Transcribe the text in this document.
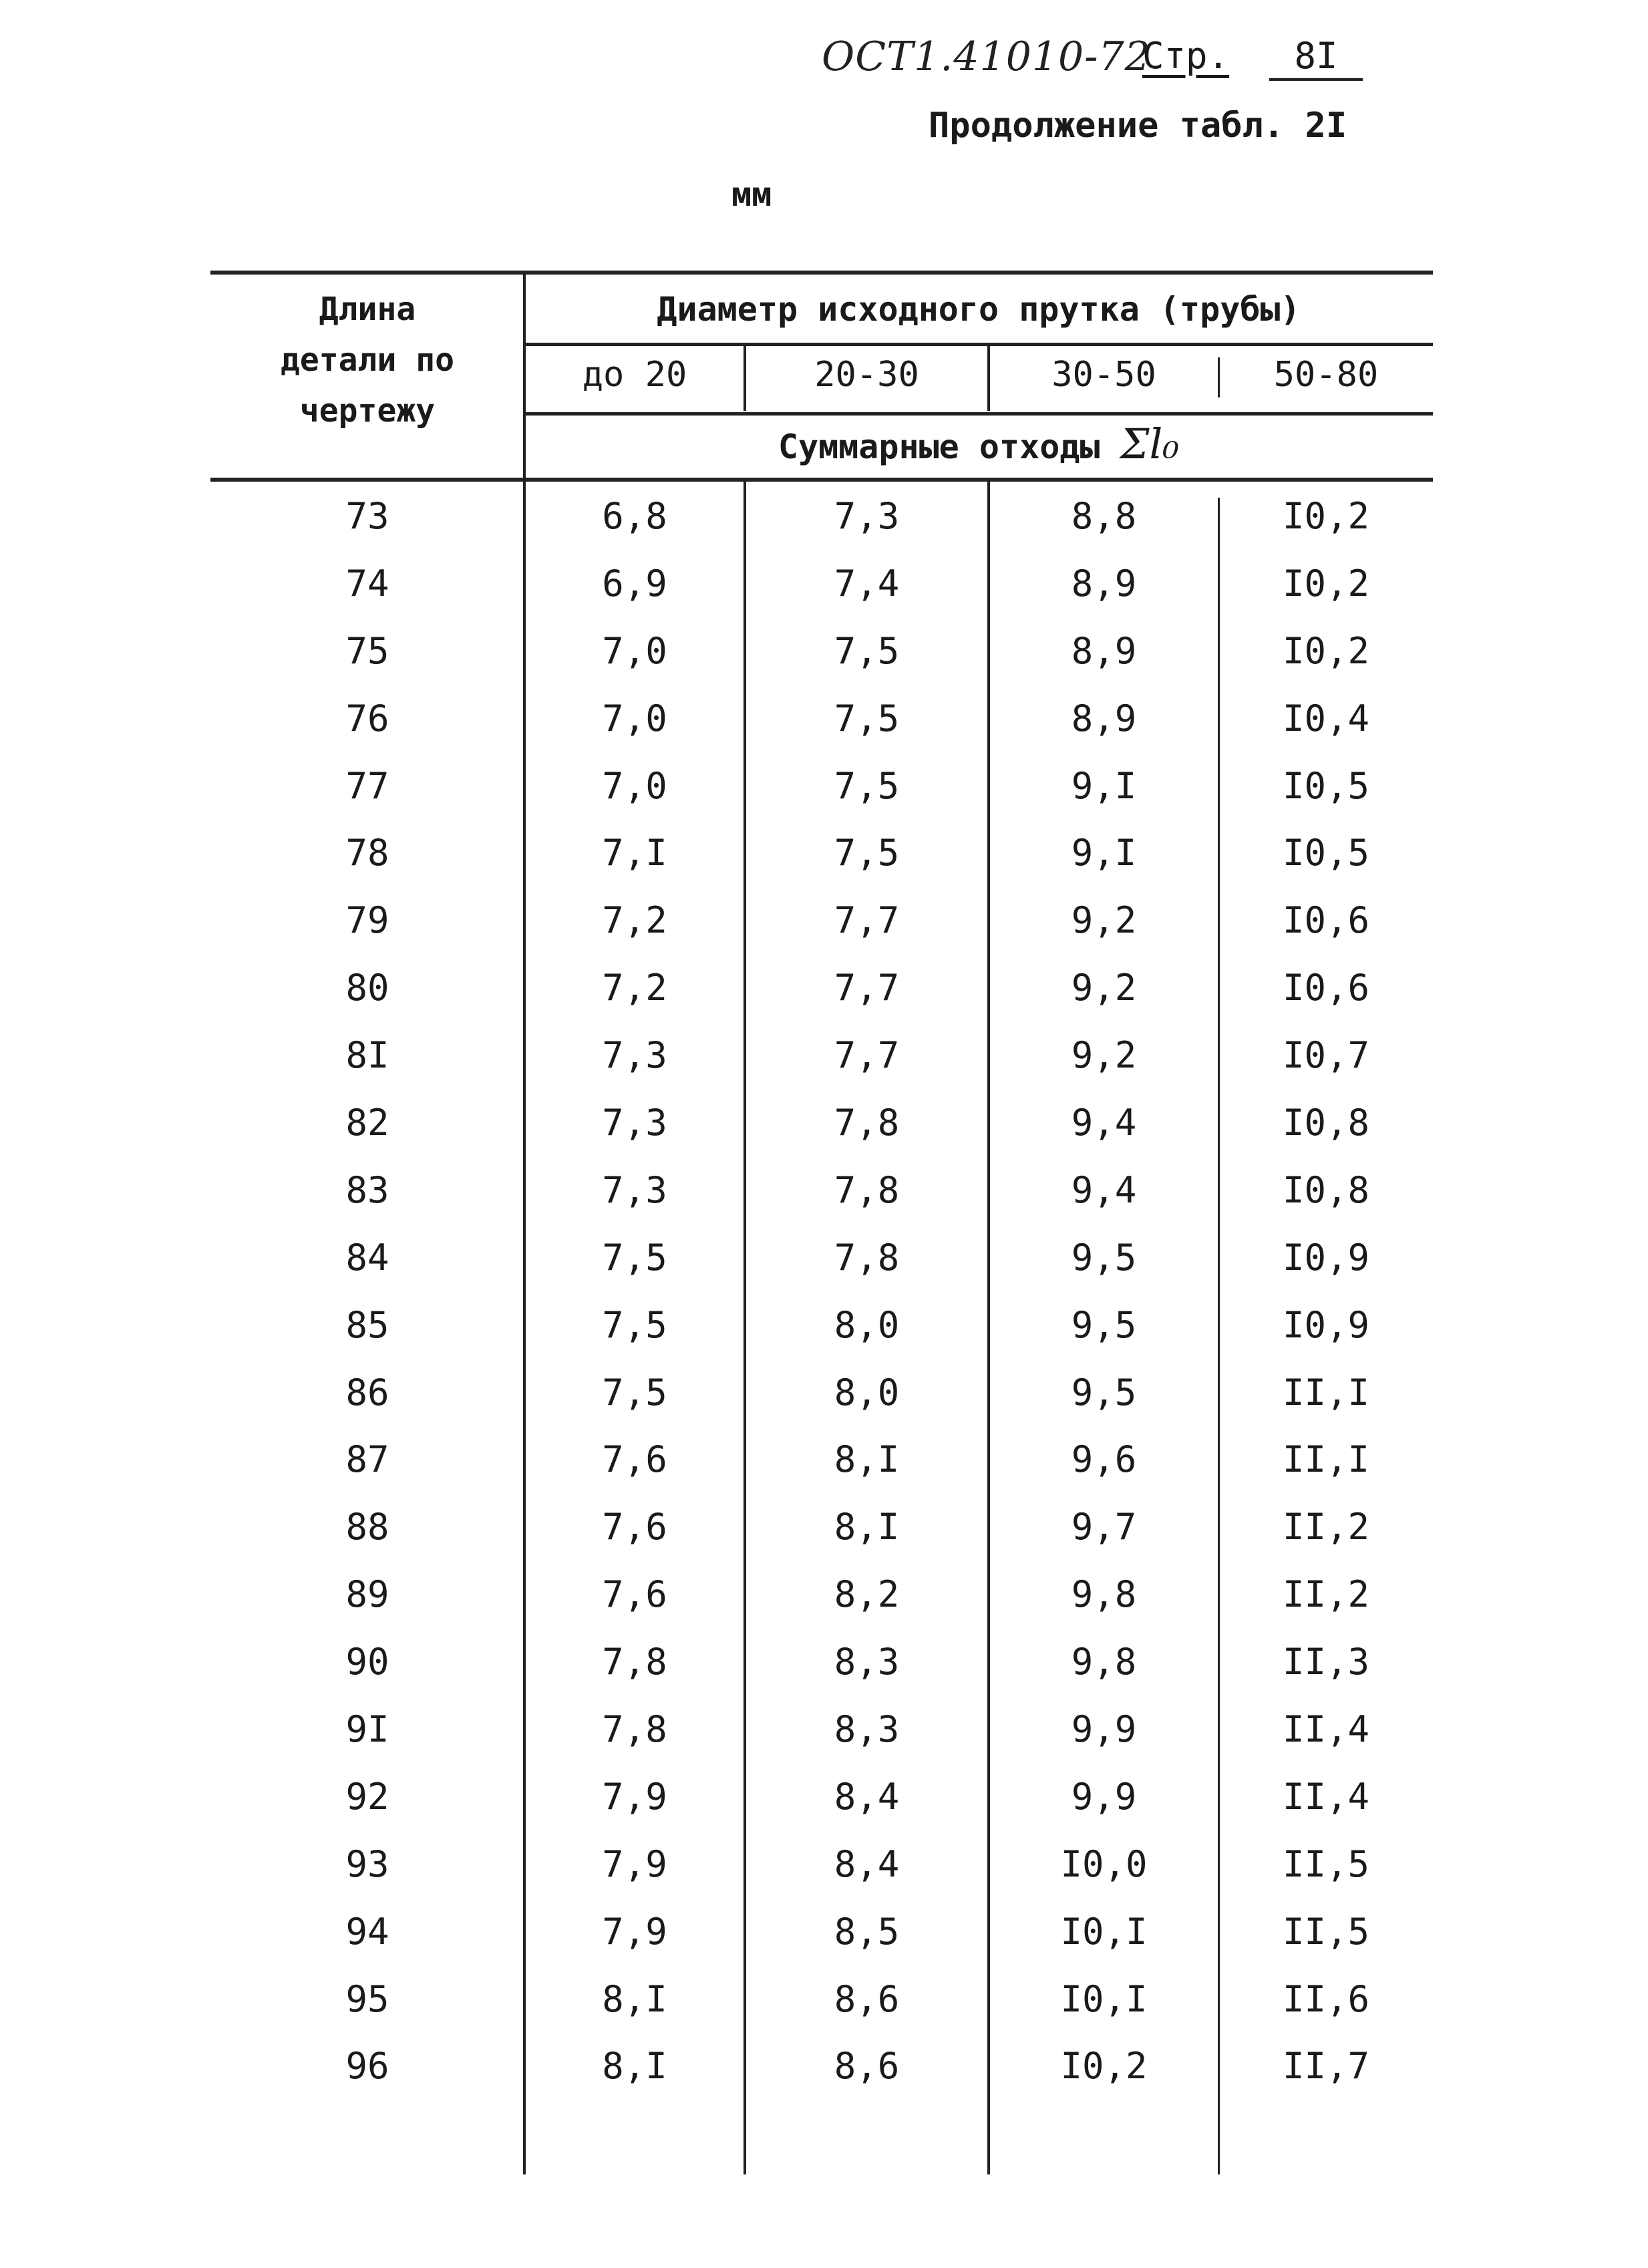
ОСТ1.41010-72
Стр.	8I
Продолжение табл. 2I
мм
Длина
детали по
чертежу
Диаметр исходного прутка (трубы)
до 20	20-30	30-50	50-80
Суммарные отходы Σl₀
73	6,8	7,3	8,8	I0,2
74	6,9	7,4	8,9	I0,2
75	7,0	7,5	8,9	I0,2
76	7,0	7,5	8,9	I0,4
77	7,0	7,5	9,I	I0,5
78	7,I	7,5	9,I	I0,5
79	7,2	7,7	9,2	I0,6
80	7,2	7,7	9,2	I0,6
8I	7,3	7,7	9,2	I0,7
82	7,3	7,8	9,4	I0,8
83	7,3	7,8	9,4	I0,8
84	7,5	7,8	9,5	I0,9
85	7,5	8,0	9,5	I0,9
86	7,5	8,0	9,5	II,I
87	7,6	8,I	9,6	II,I
88	7,6	8,I	9,7	II,2
89	7,6	8,2	9,8	II,2
90	7,8	8,3	9,8	II,3
9I	7,8	8,3	9,9	II,4
92	7,9	8,4	9,9	II,4
93	7,9	8,4	I0,0	II,5
94	7,9	8,5	I0,I	II,5
95	8,I	8,6	I0,I	II,6
96	8,I	8,6	I0,2	II,7
